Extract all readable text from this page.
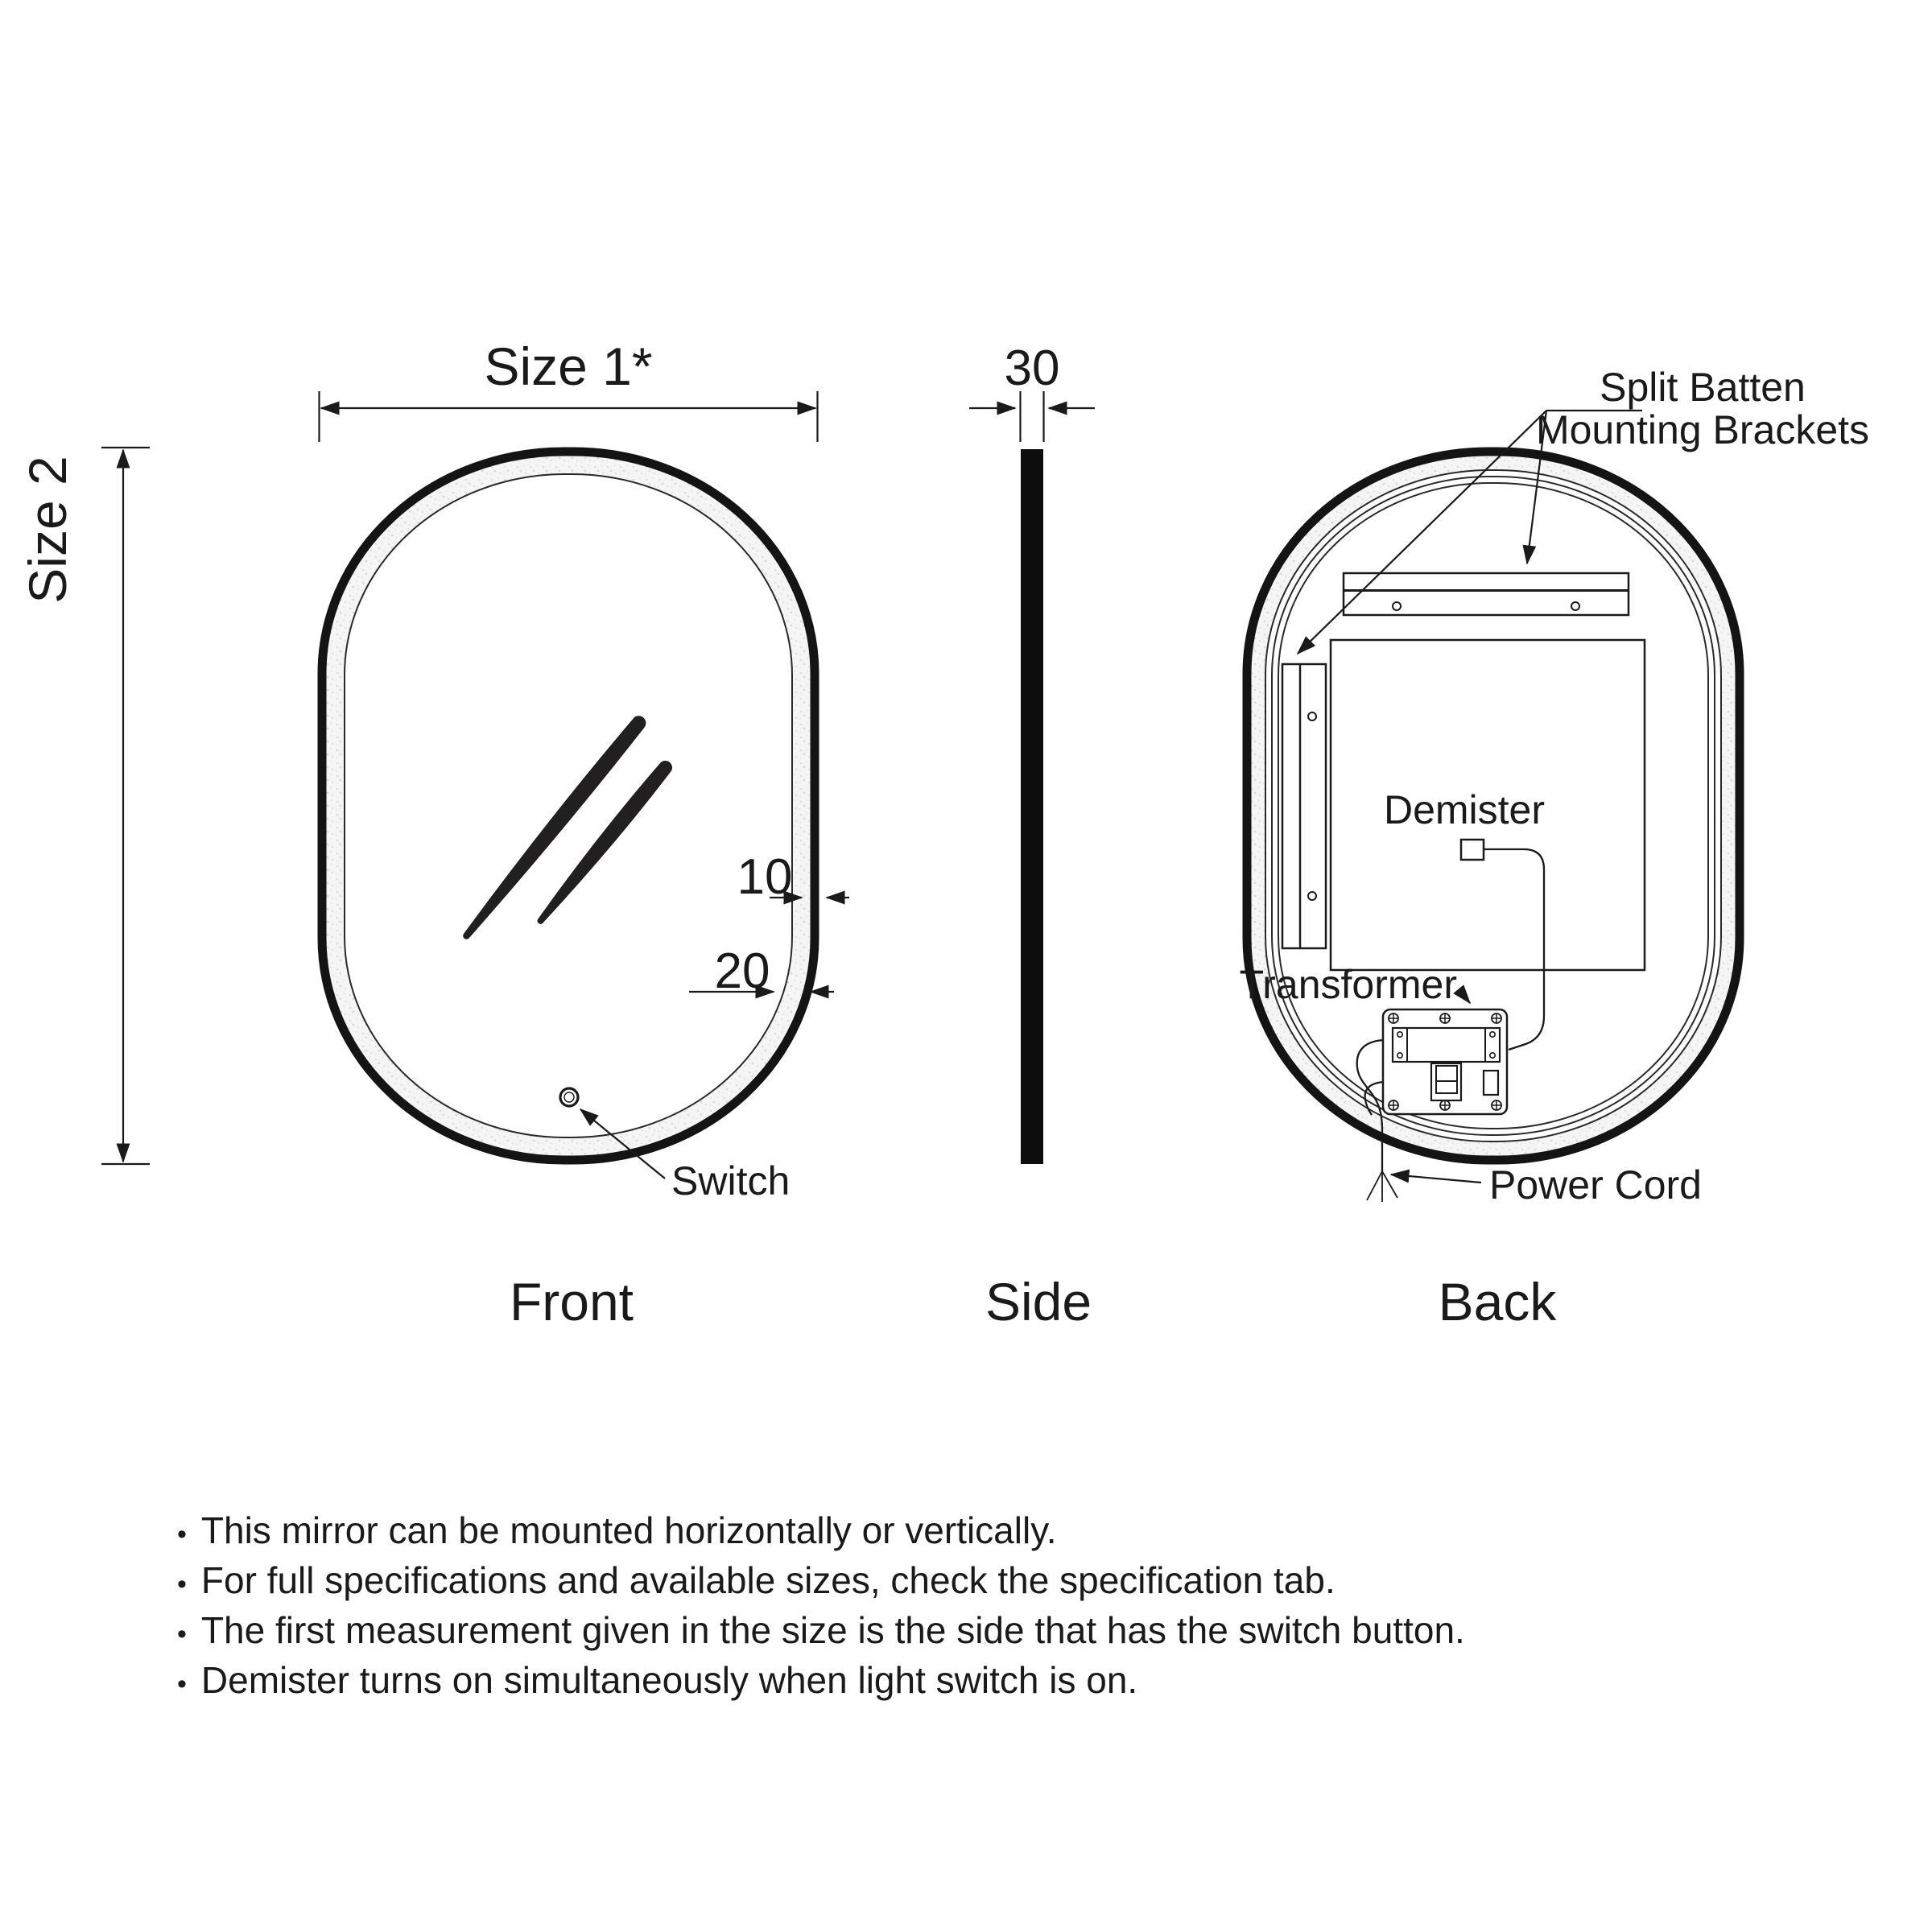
Switch
Size 1*
Size 2
10
20
30
Demister
Split Batten
Mounting Brackets
Transformer
Power Cord
Front	Side	Back
• This mirror can be mounted horizontally or vertically.
• For full specifications and available sizes, check the specification tab.
• The first measurement given in the size is the side that has the switch button.
• Demister turns on simultaneously when light switch is on.
